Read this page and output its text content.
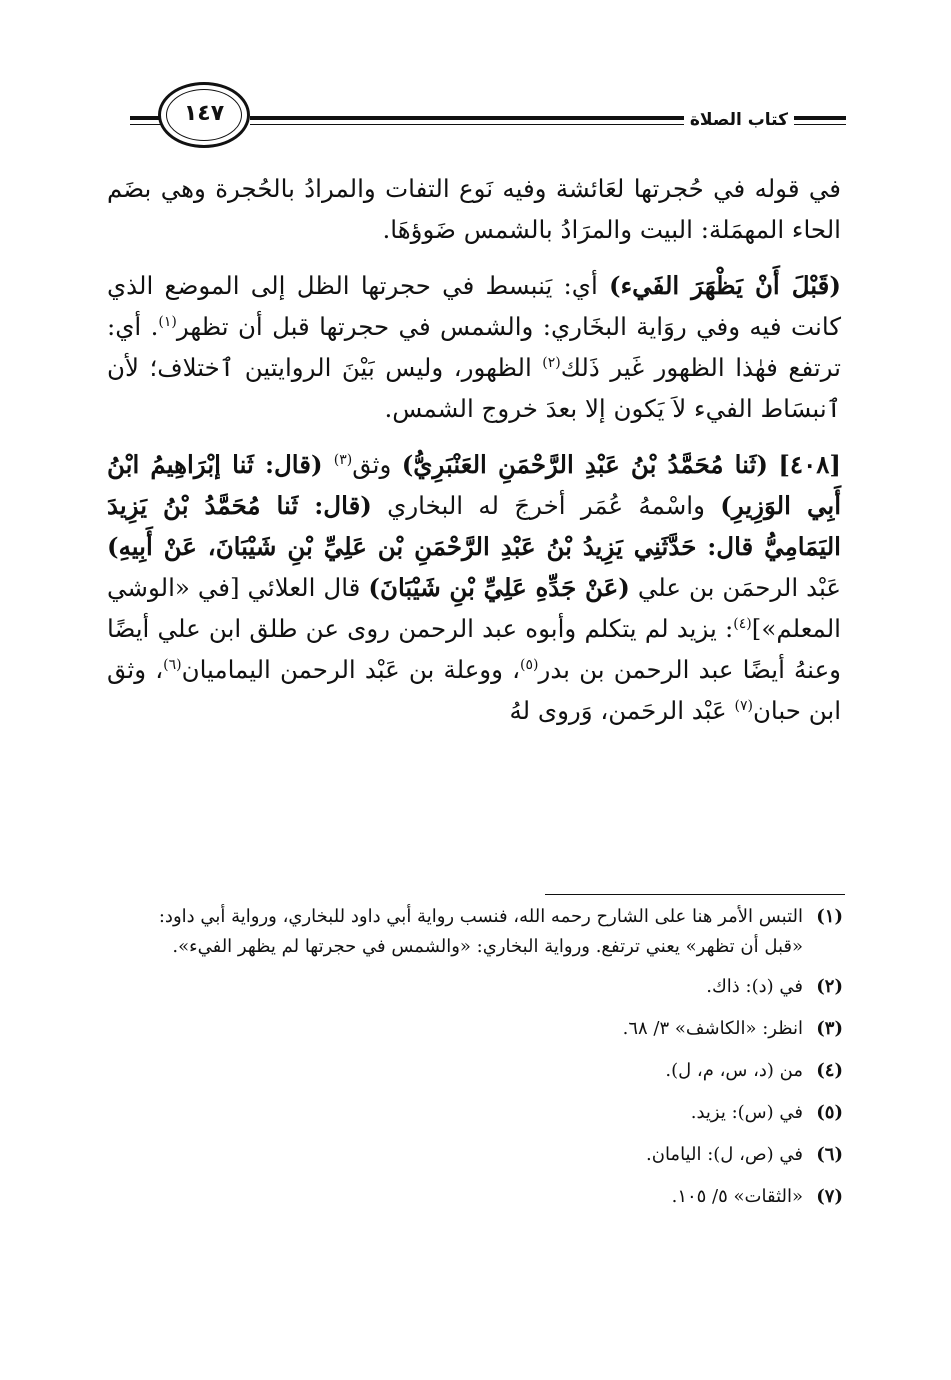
كتاب الصلاة
١٤٧

في قوله في حُجرتها لعَائشة وفيه نَوع التفات والمرادُ بالحُجرة وهي بضَم الحاء المهمَلة: البيت والمرَادُ بالشمس ضَوؤهَا.

(قَبْلَ أَنْ يَظْهَرَ الفَيء) أي: يَنبسط في حجرتها الظل إلى الموضع الذي كانت فيه وفي روَاية البخَاري: والشمس في حجرتها قبل أن تظهر$^{(١)}$. أي: ترتفع فهٰذا الظهور غَير ذَلك$^{(٢)}$ الظهور، وليس بَيْنَ الروايتين ٱختلاف؛ لأن ٱنبسَاط الفيء لاَ يَكون إلا بعدَ خروج الشمس.

[٤٠٨] (ثَنا مُحَمَّدُ بْنُ عَبْدِ الرَّحْمَنِ العَنْبَرِيُّ) وثق$^{(٣)}$ (قال: ثَنا إبْرَاهِيمُ ابْنُ أَبِي الوَزِيرِ) واسْمهُ عُمَر أخرجَ له البخاري (قال: ثَنا مُحَمَّدُ بْنُ يَزِيدَ اليَمَامِيُّ قال: حَدَّثَنِي يَزِيدُ بْنُ عَبْدِ الرَّحْمَنِ بْن عَلِيِّ بْنِ شَيْبَانَ، عَنْ أَبِيهِ) عَبْد الرحمَن بن علي (عَنْ جَدِّهِ عَلِيِّ بْنِ شَيْبَانَ) قال العلائي [في «الوشي المعلم»]$^{(٤)}$: يزيد لم يتكلم وأبوه عبد الرحمن روى عن طلق ابن علي أيضًا وعنهُ أيضًا عبد الرحمن بن بدر$^{(٥)}$، ووعلة بن عَبْد الرحمن اليماميان$^{(٦)}$، وثق ابن حبان$^{(٧)}$ عَبْد الرحَمن، وَروى لهُ

(١)
التبس الأمر هنا على الشارح رحمه الله، فنسب رواية أبي داود للبخاري، ورواية أبي داود: «قبل أن تظهر» يعني ترتفع. ورواية البخاري: «والشمس في حجرتها لم يظهر الفيء».
(٢)
في (د): ذاك.
(٣)
انظر: «الكاشف» ٣/ ٦٨.
(٤)
من (د، س، م، ل).
(٥)
في (س): يزيد.
(٦)
في (ص، ل): اليامان.
(٧)
«الثقات» ٥/ ١٠٥.
